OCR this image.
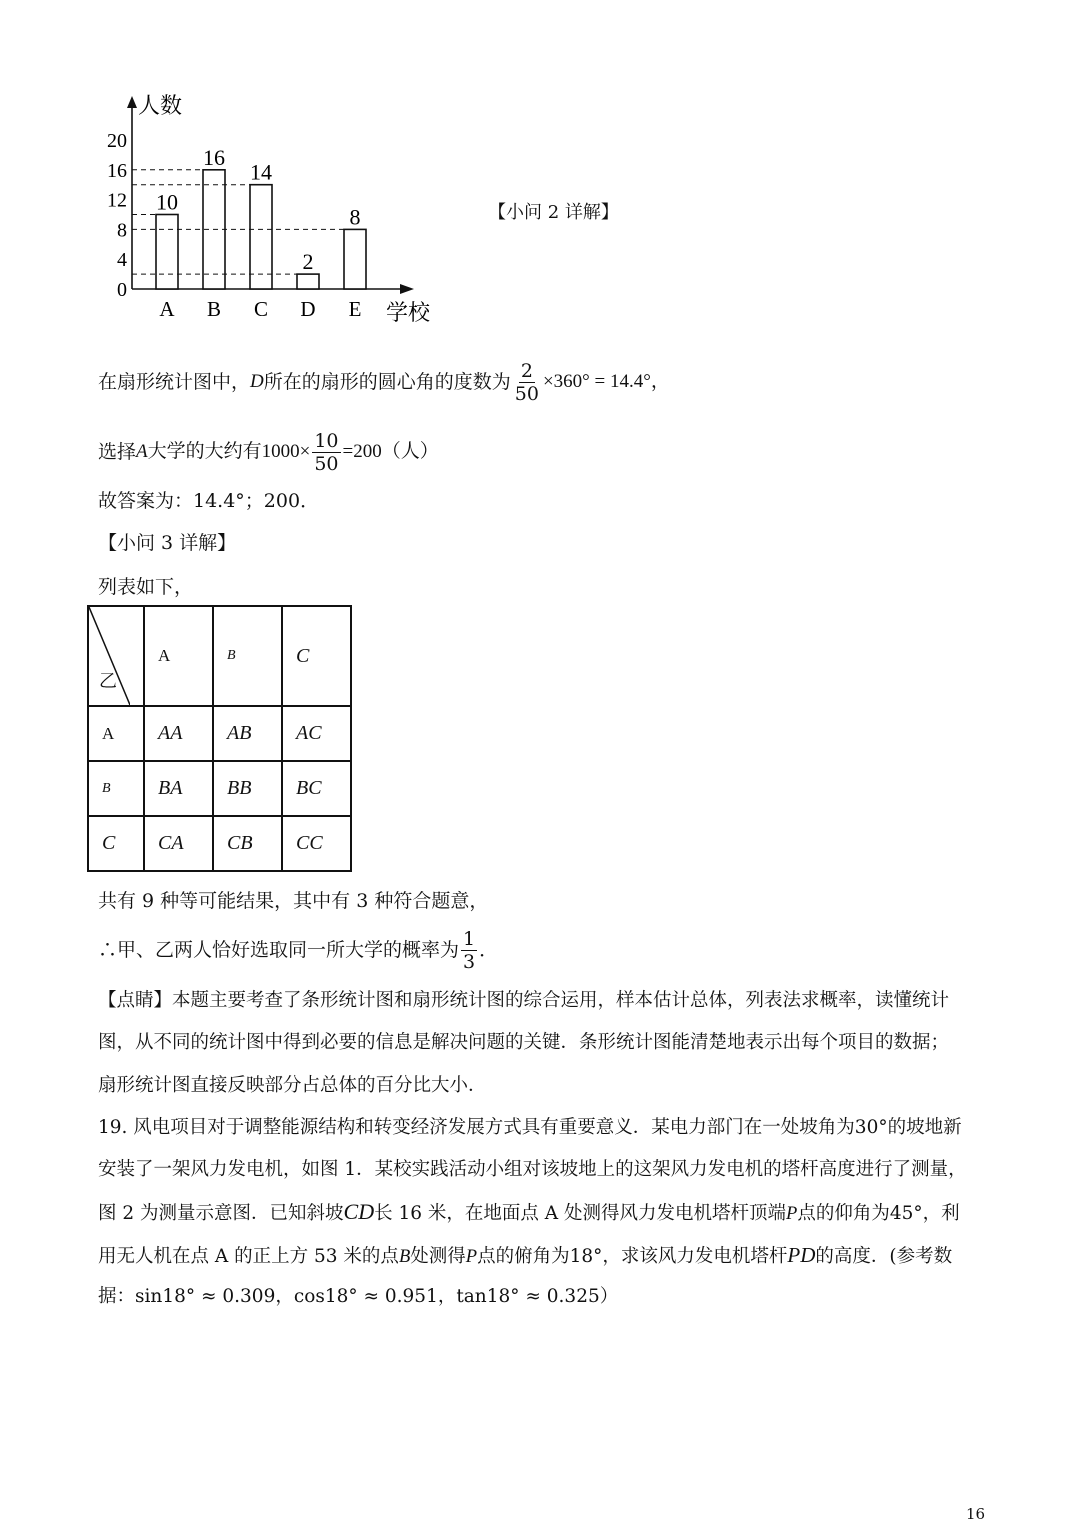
人数
学校
0
4
8
12
16
20
10
A
16
B
14
C
2
D
8
E
【小问 2 详解】
在扇形统计图中， D 所在的扇形的圆心角的度数为 $\frac{2}{50} \times 360^\circ = 14.4^\circ$，
选择 A 大学的大约有$1000\times \frac{10}{50} =200$（人）
故答案为：14.4°；200．
【小问 3 详解】
列表如下，
乙	A	B	C
A	AA	AB	AC
B	BA	BB	BC
C	CA	CB	CC
共有 9 种等可能结果，其中有 3 种符合题意，
∴甲、乙两人恰好选取同一所大学的概率为 $\frac{1}{3}$ ．
【点睛】本题主要考查了条形统计图和扇形统计图的综合运用，样本估计总体，列表法求概率，读懂统计
图，从不同的统计图中得到必要的信息是解决问题的关键．条形统计图能清楚地表示出每个项目的数据；
扇形统计图直接反映部分占总体的百分比大小．
19. 风电项目对于调整能源结构和转变经济发展方式具有重要意义．某电力部门在一处坡角为30°的坡地新
安装了一架风力发电机，如图 1．某校实践活动小组对该坡地上的这架风力发电机的塔杆高度进行了测量，
图 2 为测量示意图．已知斜坡CD长 16 米，在地面点 A 处测得风力发电机塔杆顶端P点的仰角为45°，利
用无人机在点 A 的正上方 53 米的点B处测得P点的俯角为18°，求该风力发电机塔杆PD的高度．(参考数
据：sin18° ≈ 0.309，cos18° ≈ 0.951，tan18° ≈ 0.325）
16
